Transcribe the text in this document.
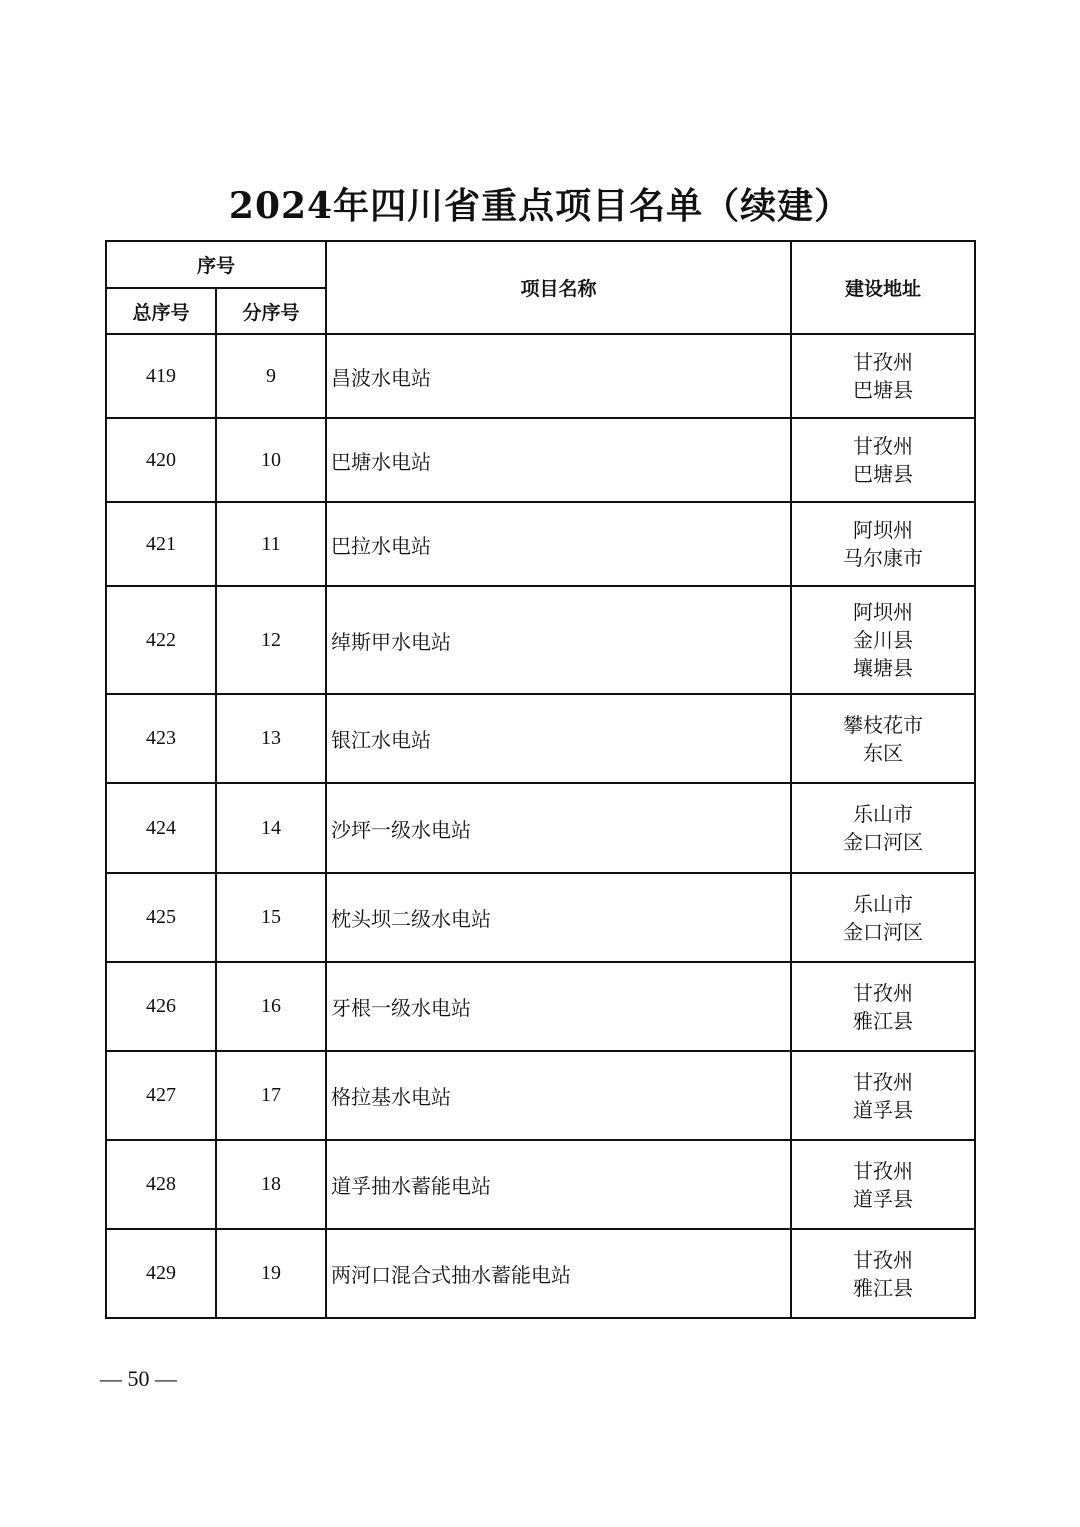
2024年四川省重点项目名单（续建）
序号		项目名称	建设地址
总序号	分序号		
419	9	昌波水电站	甘孜州
巴塘县

420	10	巴塘水电站	甘孜州
巴塘县

421	11	巴拉水电站	阿坝州
马尔康市

422	12	绰斯甲水电站	阿坝州
金川县
壤塘县

423	13	银江水电站	攀枝花市
东区

424	14	沙坪一级水电站	乐山市
金口河区

425	15	枕头坝二级水电站	乐山市
金口河区

426	16	牙根一级水电站	甘孜州
雅江县

427	17	格拉基水电站	甘孜州
道孚县

428	18	道孚抽水蓄能电站	甘孜州
道孚县

429	19	两河口混合式抽水蓄能电站	甘孜州
雅江县
— 50 —
